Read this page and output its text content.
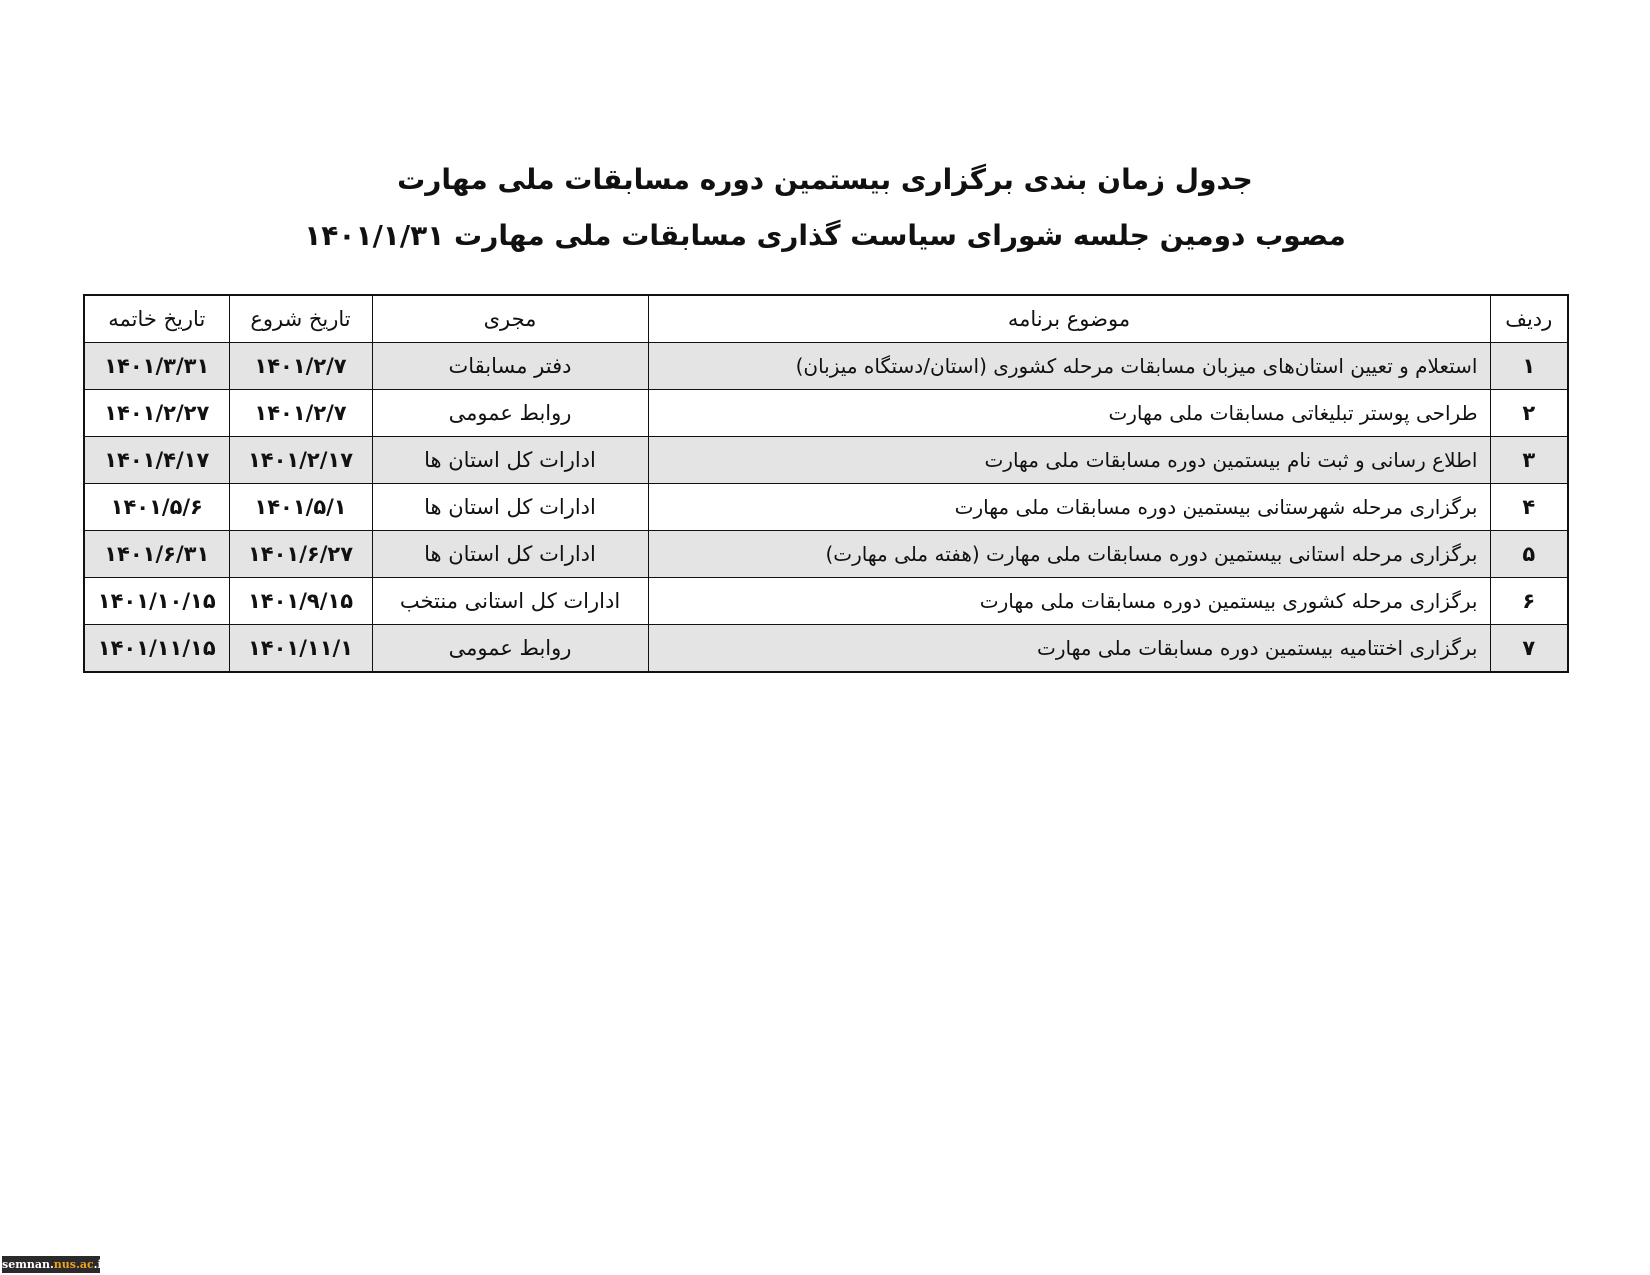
جدول زمان بندی برگزاری بیستمین دوره مسابقات ملی مهارت
مصوب دومین جلسه شورای سیاست گذاری مسابقات ملی مهارت ۱۴۰۱/۱/۳۱
ردیف	موضوع برنامه	مجری	تاریخ شروع	تاریخ خاتمه
۱	استعلام و تعیین استان‌های میزبان مسابقات مرحله کشوری (استان/دستگاه میزبان)	دفتر مسابقات	۱۴۰۱/۲/۷	۱۴۰۱/۳/۳۱
۲	طراحی پوستر تبلیغاتی مسابقات ملی مهارت	روابط عمومی	۱۴۰۱/۲/۷	۱۴۰۱/۲/۲۷
۳	اطلاع رسانی و ثبت نام بیستمین دوره مسابقات ملی مهارت	ادارات کل استان ها	۱۴۰۱/۲/۱۷	۱۴۰۱/۴/۱۷
۴	برگزاری مرحله شهرستانی بیستمین دوره مسابقات ملی مهارت	ادارات کل استان ها	۱۴۰۱/۵/۱	۱۴۰۱/۵/۶
۵	برگزاری مرحله استانی بیستمین دوره مسابقات ملی مهارت (هفته ملی مهارت)	ادارات کل استان ها	۱۴۰۱/۶/۲۷	۱۴۰۱/۶/۳۱
۶	برگزاری مرحله کشوری بیستمین دوره مسابقات ملی مهارت	ادارات کل استانی منتخب	۱۴۰۱/۹/۱۵	۱۴۰۱/۱۰/۱۵
۷	برگزاری اختتامیه بیستمین دوره مسابقات ملی مهارت	روابط عمومی	۱۴۰۱/۱۱/۱	۱۴۰۱/۱۱/۱۵
semnan.nus.ac.ir
